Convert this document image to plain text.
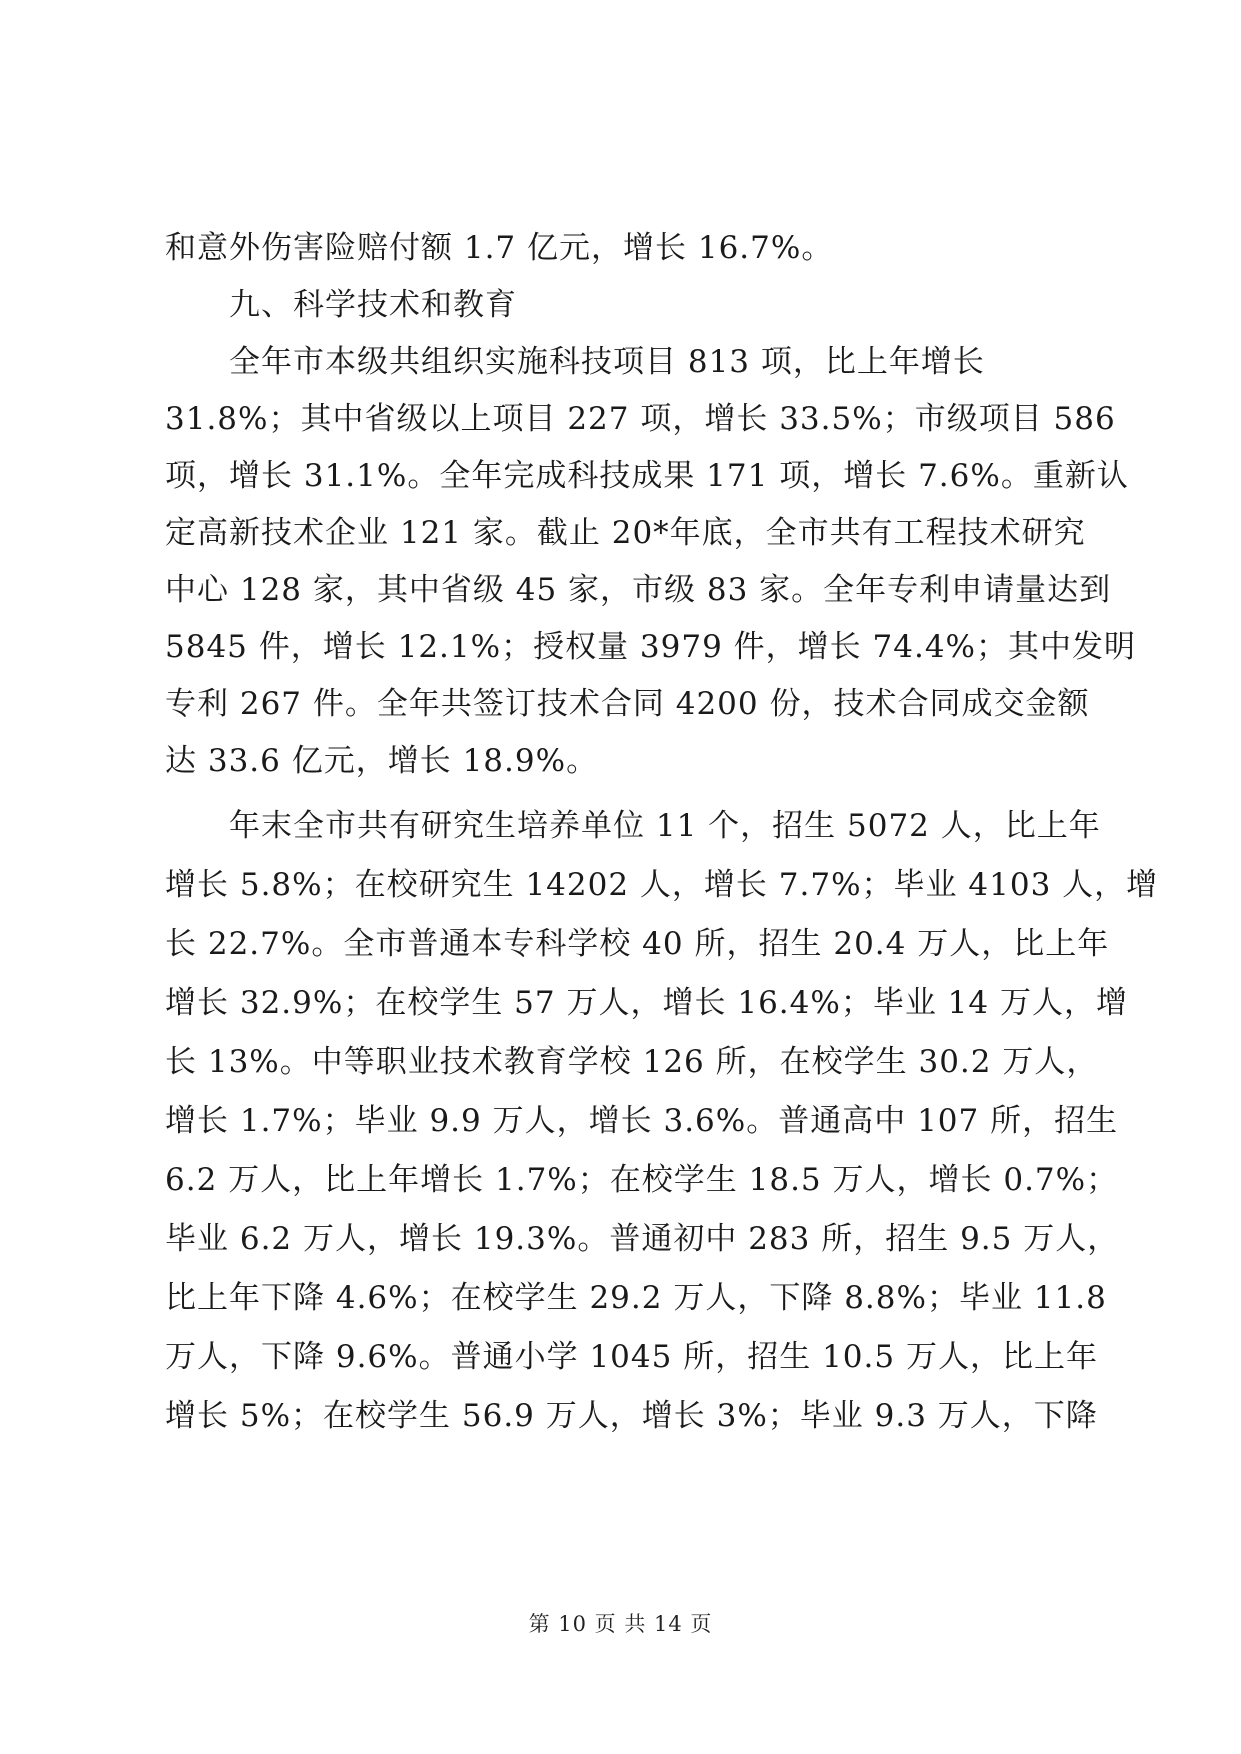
和意外伤害险赔付额 1.7 亿元，增长 16.7%。
九、科学技术和教育
全年市本级共组织实施科技项目 813 项，比上年增长
31.8%；其中省级以上项目 227 项，增长 33.5%；市级项目 586
项，增长 31.1%。全年完成科技成果 171 项，增长 7.6%。重新认
定高新技术企业 121 家。截止 20*年底，全市共有工程技术研究
中心 128 家，其中省级 45 家，市级 83 家。全年专利申请量达到
5845 件，增长 12.1%；授权量 3979 件，增长 74.4%；其中发明
专利 267 件。全年共签订技术合同 4200 份，技术合同成交金额
达 33.6 亿元，增长 18.9%。
年末全市共有研究生培养单位 11 个，招生 5072 人，比上年
增长 5.8%；在校研究生 14202 人，增长 7.7%；毕业 4103 人，增
长 22.7%。全市普通本专科学校 40 所，招生 20.4 万人，比上年
增长 32.9%；在校学生 57 万人，增长 16.4%；毕业 14 万人，增
长 13%。中等职业技术教育学校 126 所，在校学生 30.2 万人，
增长 1.7%；毕业 9.9 万人，增长 3.6%。普通高中 107 所，招生
6.2 万人，比上年增长 1.7%；在校学生 18.5 万人，增长 0.7%；
毕业 6.2 万人，增长 19.3%。普通初中 283 所，招生 9.5 万人，
比上年下降 4.6%；在校学生 29.2 万人，下降 8.8%；毕业 11.8
万人，下降 9.6%。普通小学 1045 所，招生 10.5 万人，比上年
增长 5%；在校学生 56.9 万人，增长 3%；毕业 9.3 万人，下降
第 10 页 共 14 页
